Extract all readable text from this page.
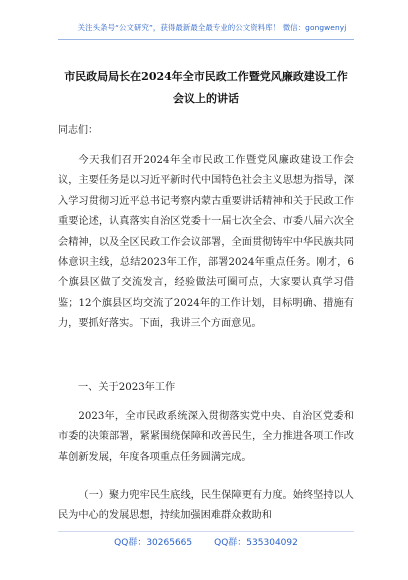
关注头条号“公文研究”，获得最新最全最专业的公文资料库！ 微信：gongwenyj
市民政局局长在2024年全市民政工作暨党风廉政建设工作
会议上的讲话
同志们：
今天我们召开2024年全市民政工作暨党风廉政建设工作会议，主要任务是以习近平新时代中国特色社会主义思想为指导，深入学习贯彻习近平总书记考察内蒙古重要讲话精神和关于民政工作重要论述，认真落实自治区党委十一届七次全会、市委八届六次全会精神，以及全区民政工作会议部署，全面贯彻铸牢中华民族共同体意识主线，总结2023年工作，部署2024年重点任务。刚才，6个旗县区做了交流发言，经验做法可圈可点，大家要认真学习借鉴；12个旗县区均交流了2024年的工作计划，目标明确、措施有力，要抓好落实。下面，我讲三个方面意见。
一、关于2023年工作
2023年，全市民政系统深入贯彻落实党中央、自治区党委和市委的决策部署，紧紧围绕保障和改善民生，全力推进各项工作改革创新发展，年度各项重点任务圆满完成。
（一）聚力兜牢民生底线，民生保障更有力度。始终坚持以人民为中心的发展思想，持续加强困难群众救助和
QQ群：30265665 QQ群：535304092
